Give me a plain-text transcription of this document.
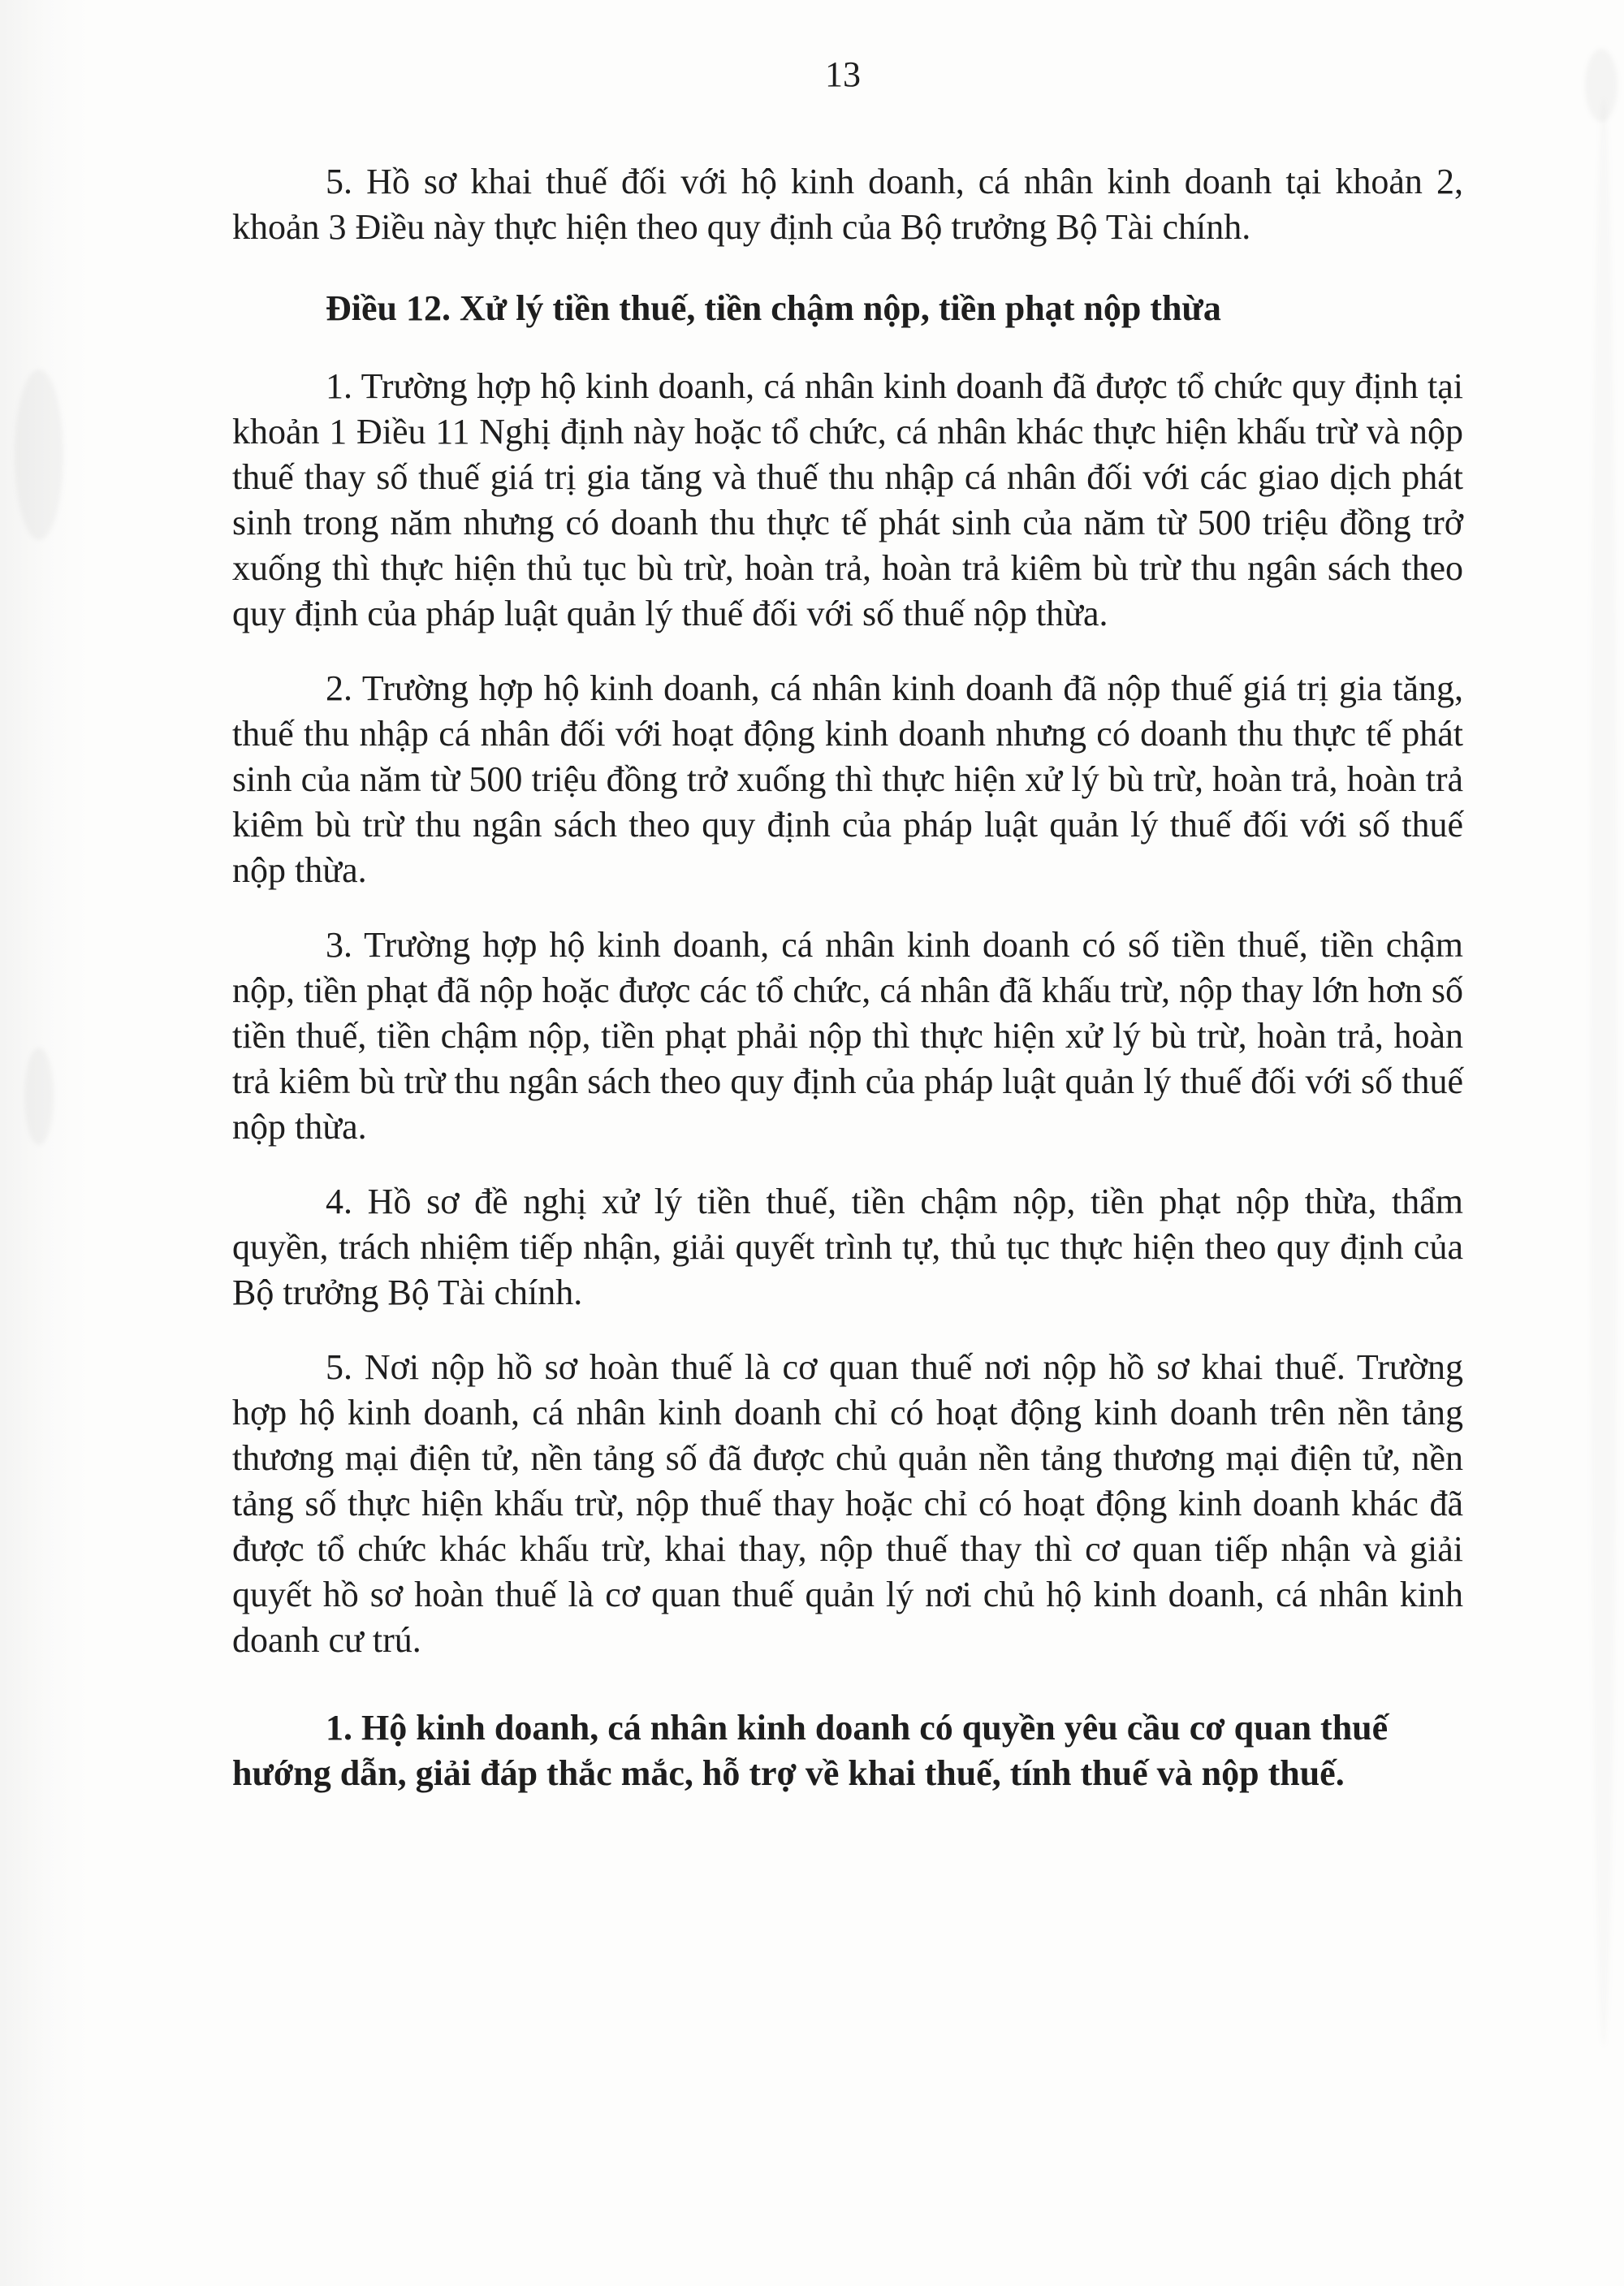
13

5. Hồ sơ khai thuế đối với hộ kinh doanh, cá nhân kinh doanh tại khoản 2, khoản 3 Điều này thực hiện theo quy định của Bộ trưởng Bộ Tài chính.

Điều 12. Xử lý tiền thuế, tiền chậm nộp, tiền phạt nộp thừa

1. Trường hợp hộ kinh doanh, cá nhân kinh doanh đã được tổ chức quy định tại khoản 1 Điều 11 Nghị định này hoặc tổ chức, cá nhân khác thực hiện khấu trừ và nộp thuế thay số thuế giá trị gia tăng và thuế thu nhập cá nhân đối với các giao dịch phát sinh trong năm nhưng có doanh thu thực tế phát sinh của năm từ 500 triệu đồng trở xuống thì thực hiện thủ tục bù trừ, hoàn trả, hoàn trả kiêm bù trừ thu ngân sách theo quy định của pháp luật quản lý thuế đối với số thuế nộp thừa.

2. Trường hợp hộ kinh doanh, cá nhân kinh doanh đã nộp thuế giá trị gia tăng, thuế thu nhập cá nhân đối với hoạt động kinh doanh nhưng có doanh thu thực tế phát sinh của năm từ 500 triệu đồng trở xuống thì thực hiện xử lý bù trừ, hoàn trả, hoàn trả kiêm bù trừ thu ngân sách theo quy định của pháp luật quản lý thuế đối với số thuế nộp thừa.

3. Trường hợp hộ kinh doanh, cá nhân kinh doanh có số tiền thuế, tiền chậm nộp, tiền phạt đã nộp hoặc được các tổ chức, cá nhân đã khấu trừ, nộp thay lớn hơn số tiền thuế, tiền chậm nộp, tiền phạt phải nộp thì thực hiện xử lý bù trừ, hoàn trả, hoàn trả kiêm bù trừ thu ngân sách theo quy định của pháp luật quản lý thuế đối với số thuế nộp thừa.

4. Hồ sơ đề nghị xử lý tiền thuế, tiền chậm nộp, tiền phạt nộp thừa, thẩm quyền, trách nhiệm tiếp nhận, giải quyết trình tự, thủ tục thực hiện theo quy định của Bộ trưởng Bộ Tài chính.

5. Nơi nộp hồ sơ hoàn thuế là cơ quan thuế nơi nộp hồ sơ khai thuế. Trường hợp hộ kinh doanh, cá nhân kinh doanh chỉ có hoạt động kinh doanh trên nền tảng thương mại điện tử, nền tảng số đã được chủ quản nền tảng thương mại điện tử, nền tảng số thực hiện khấu trừ, nộp thuế thay hoặc chỉ có hoạt động kinh doanh khác đã được tổ chức khác khấu trừ, khai thay, nộp thuế thay thì cơ quan tiếp nhận và giải quyết hồ sơ hoàn thuế là cơ quan thuế quản lý nơi chủ hộ kinh doanh, cá nhân kinh doanh cư trú.

1. Hộ kinh doanh, cá nhân kinh doanh có quyền yêu cầu cơ quan thuế hướng dẫn, giải đáp thắc mắc, hỗ trợ về khai thuế, tính thuế và nộp thuế.
